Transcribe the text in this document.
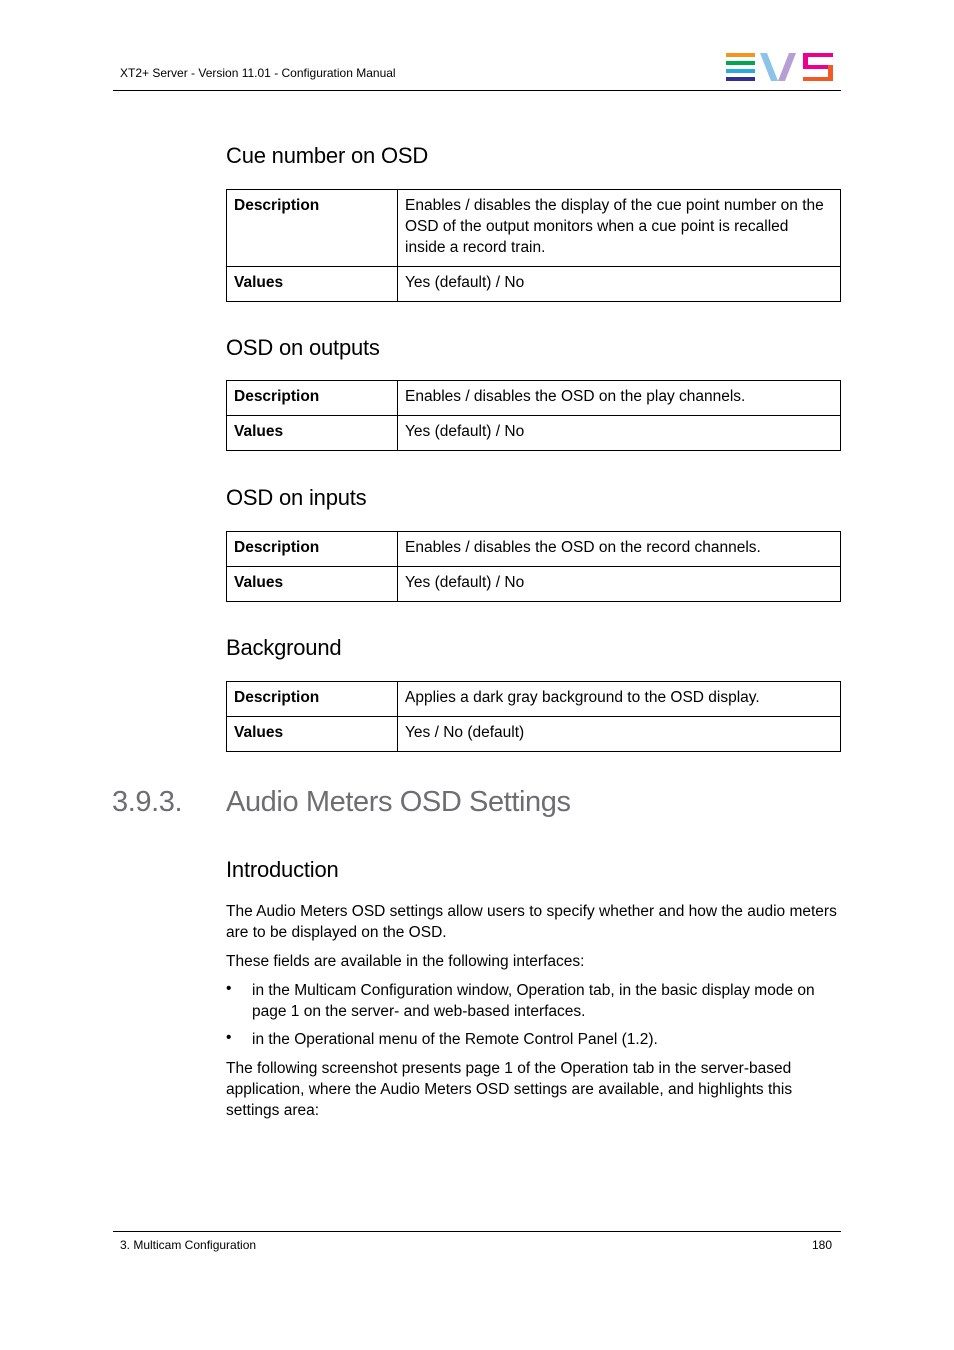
XT2+ Server - Version 11.01 - Configuration Manual
Cue number on OSD
Description	Enables / disables the display of the cue point number on the OSD of the output monitors when a cue point is recalled inside a record train.
Values	Yes (default) / No
OSD on outputs
Description	Enables / disables the OSD on the play channels.
Values	Yes (default) / No
OSD on inputs
Description	Enables / disables the OSD on the record channels.
Values	Yes (default) / No
Background
Description	Applies a dark gray background to the OSD display.
Values	Yes / No (default)
3.9.3. Audio Meters OSD Settings
Introduction

The Audio Meters OSD settings allow users to specify whether and how the audio meters are to be displayed on the OSD.

These fields are available in the following interfaces:

• in the Multicam Configuration window, Operation tab, in the basic display mode on page 1 on the server- and web-based interfaces.

• in the Operational menu of the Remote Control Panel (1.2).

The following screenshot presents page 1 of the Operation tab in the server-based application, where the Audio Meters OSD settings are available, and highlights this settings area:

3. Multicam Configuration	180
